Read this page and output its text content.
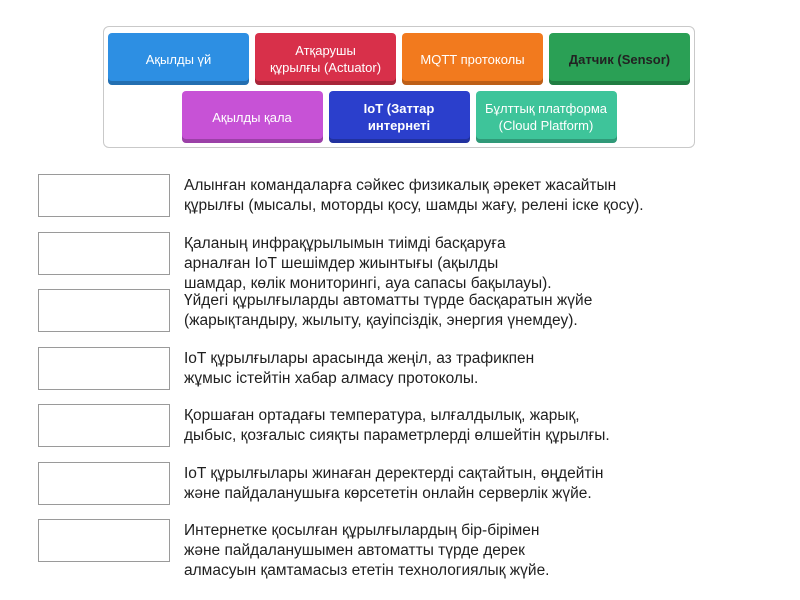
Ақылды үй
Атқарушы
құрылғы (Actuator)
MQTT протоколы	Датчик (Sensor)
Ақылды қала
IoT (Заттар
интернеті
Бұлттық платформа
(Cloud Platform)
Алынған командаларға сәйкес физикалық әрекет жасайтын
құрылғы (мысалы, моторды қосу, шамды жағу, релені іске қосу).
Қаланың инфрақұрылымын тиімді басқаруға
арналған IoT шешімдер жиынтығы (ақылды
шамдар, көлік мониторингі, ауа сапасы бақылауы).
Үйдегі құрылғыларды автоматты түрде басқаратын жүйе
(жарықтандыру, жылыту, қауіпсіздік, энергия үнемдеу).
IoT құрылғылары арасында жеңіл, аз трафикпен
жұмыс істейтін хабар алмасу протоколы.
Қоршаған ортадағы температура, ылғалдылық, жарық,
дыбыс, қозғалыс сияқты параметрлерді өлшейтін құрылғы.
IoT құрылғылары жинаған деректерді сақтайтын, өңдейтін
және пайдаланушыға көрсететін онлайн серверлік жүйе.
Интернетке қосылған құрылғылардың бір-бірімен
және пайдаланушымен автоматты түрде дерек
алмасуын қамтамасыз ететін технологиялық жүйе.
